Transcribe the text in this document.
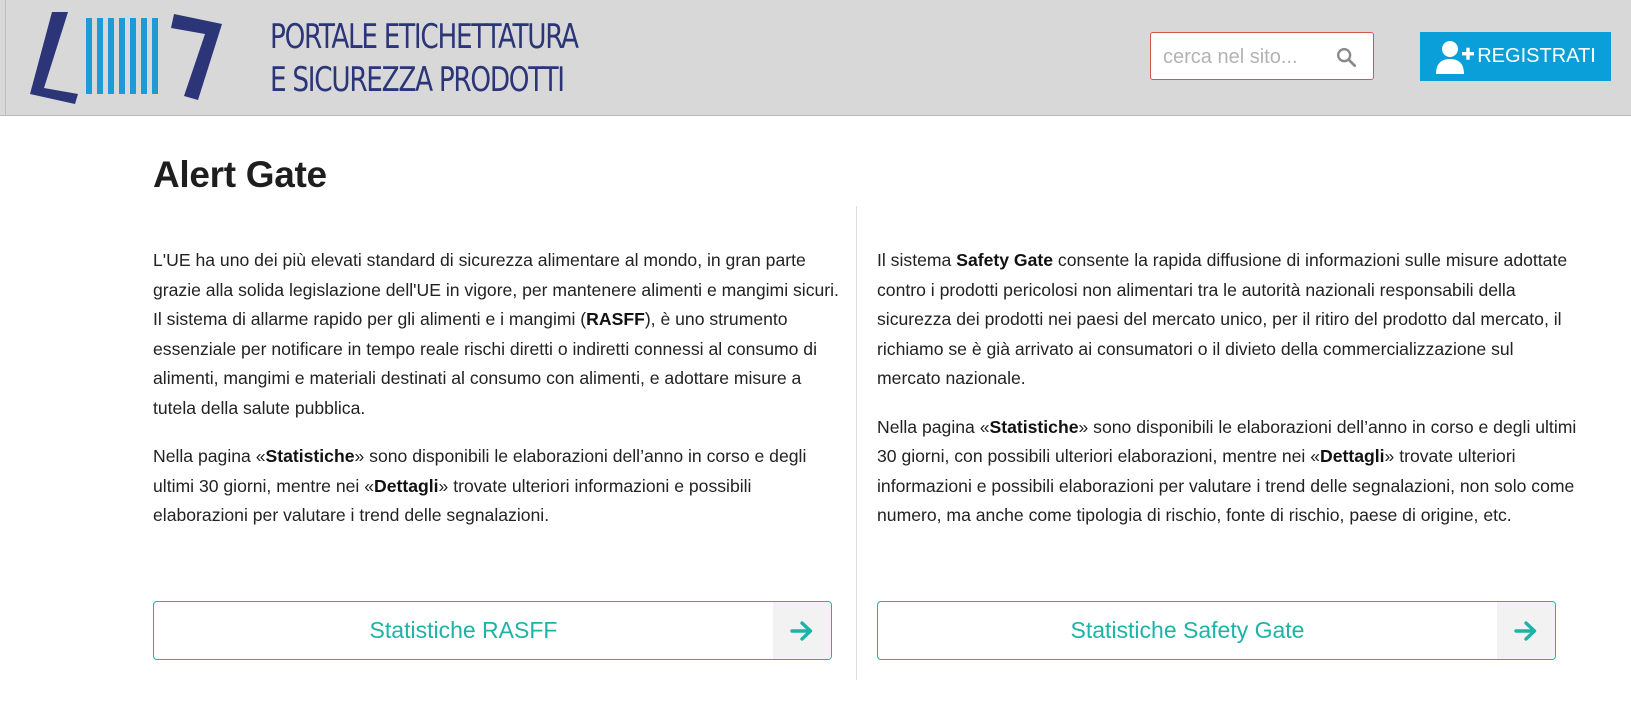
PORTALE ETICHETTATURA
E SICUREZZA PRODOTTI
cerca nel sito...
REGISTRATI
Alert Gate

L'UE ha uno dei più elevati standard di sicurezza alimentare al mondo, in gran parte grazie alla solida legislazione dell'UE in vigore, per mantenere alimenti e mangimi sicuri. Il sistema di allarme rapido per gli alimenti e i mangimi (RASFF), è uno strumento essenziale per notificare in tempo reale rischi diretti o indiretti connessi al consumo di alimenti, mangimi e materiali destinati al consumo con alimenti, e adottare misure a tutela della salute pubblica.

Nella pagina «Statistiche» sono disponibili le elaborazioni dell’anno in corso e degli ultimi 30 giorni, mentre nei «Dettagli» trovate ulteriori informazioni e possibili elaborazioni per valutare i trend delle segnalazioni.

Il sistema Safety Gate consente la rapida diffusione di informazioni sulle misure adottate contro i prodotti pericolosi non alimentari tra le autorità nazionali responsabili della sicurezza dei prodotti nei paesi del mercato unico, per il ritiro del prodotto dal mercato, il richiamo se è già arrivato ai consumatori o il divieto della commercializzazione sul mercato nazionale.

Nella pagina «Statistiche» sono disponibili le elaborazioni dell’anno in corso e degli ultimi 30 giorni, con possibili ulteriori elaborazioni, mentre nei «Dettagli» trovate ulteriori informazioni e possibili elaborazioni per valutare i trend delle segnalazioni, non solo come numero, ma anche come tipologia di rischio, fonte di rischio, paese di origine, etc.

Statistiche RASFF	Statistiche Safety Gate
